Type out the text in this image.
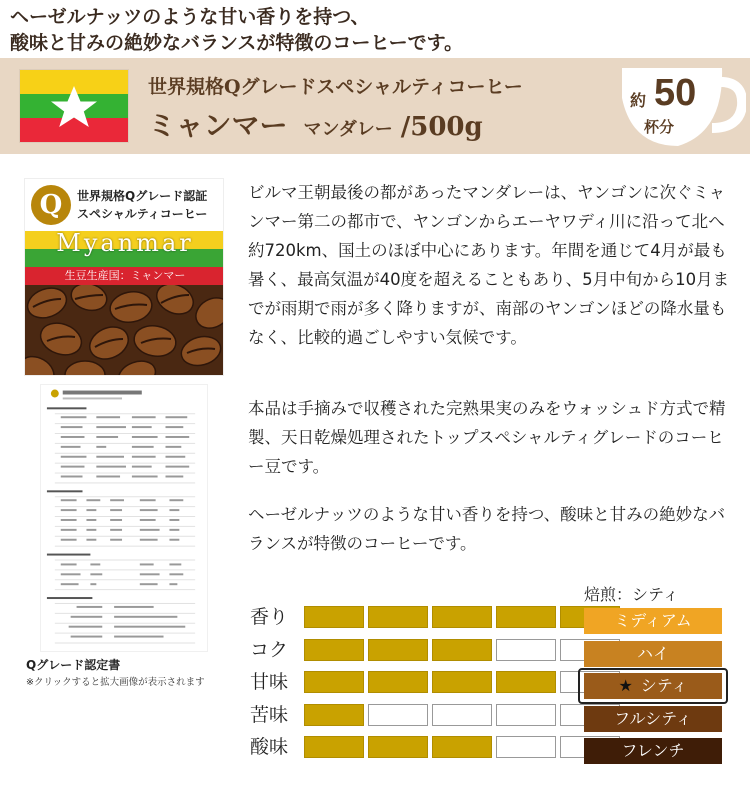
ヘーゼルナッツのような甘い香りを持つ、
酸味と甘みの絶妙なバランスが特徴のコーヒーです。
世界規格Qグレードスペシャルティコーヒー
ミャンマー マンダレー /500g
約 50
杯分
Q	世界規格Qグレード認証
スペシャルティコーヒー
Myanmar
生豆生産国：ミャンマー
Qグレード認定書
※クリックすると拡大画像が表示されます
ビルマ王朝最後の都があったマンダレーは、ヤンゴンに次ぐミャンマー第二の都市で、ヤンゴンからエーヤワディ川に沿って北へ約720km、国土のほぼ中心にあります。年間を通じて4月が最も暑く、最高気温が40度を超えることもあり、5月中旬から10月までが雨期で雨が多く降りますが、南部のヤンゴンほどの降水量もなく、比較的過ごしやすい気候です。
本品は手摘みで収穫された完熟果実のみをウォッシュド方式で精製、天日乾燥処理されたトップスペシャルティグレードのコーヒー豆です。
ヘーゼルナッツのような甘い香りを持つ、酸味と甘みの絶妙なバランスが特徴のコーヒーです。
香り
コク
甘味
苦味
酸味
焙煎：シティ
ミディアム
ハイ
★ シティ
フルシティ
フレンチ
